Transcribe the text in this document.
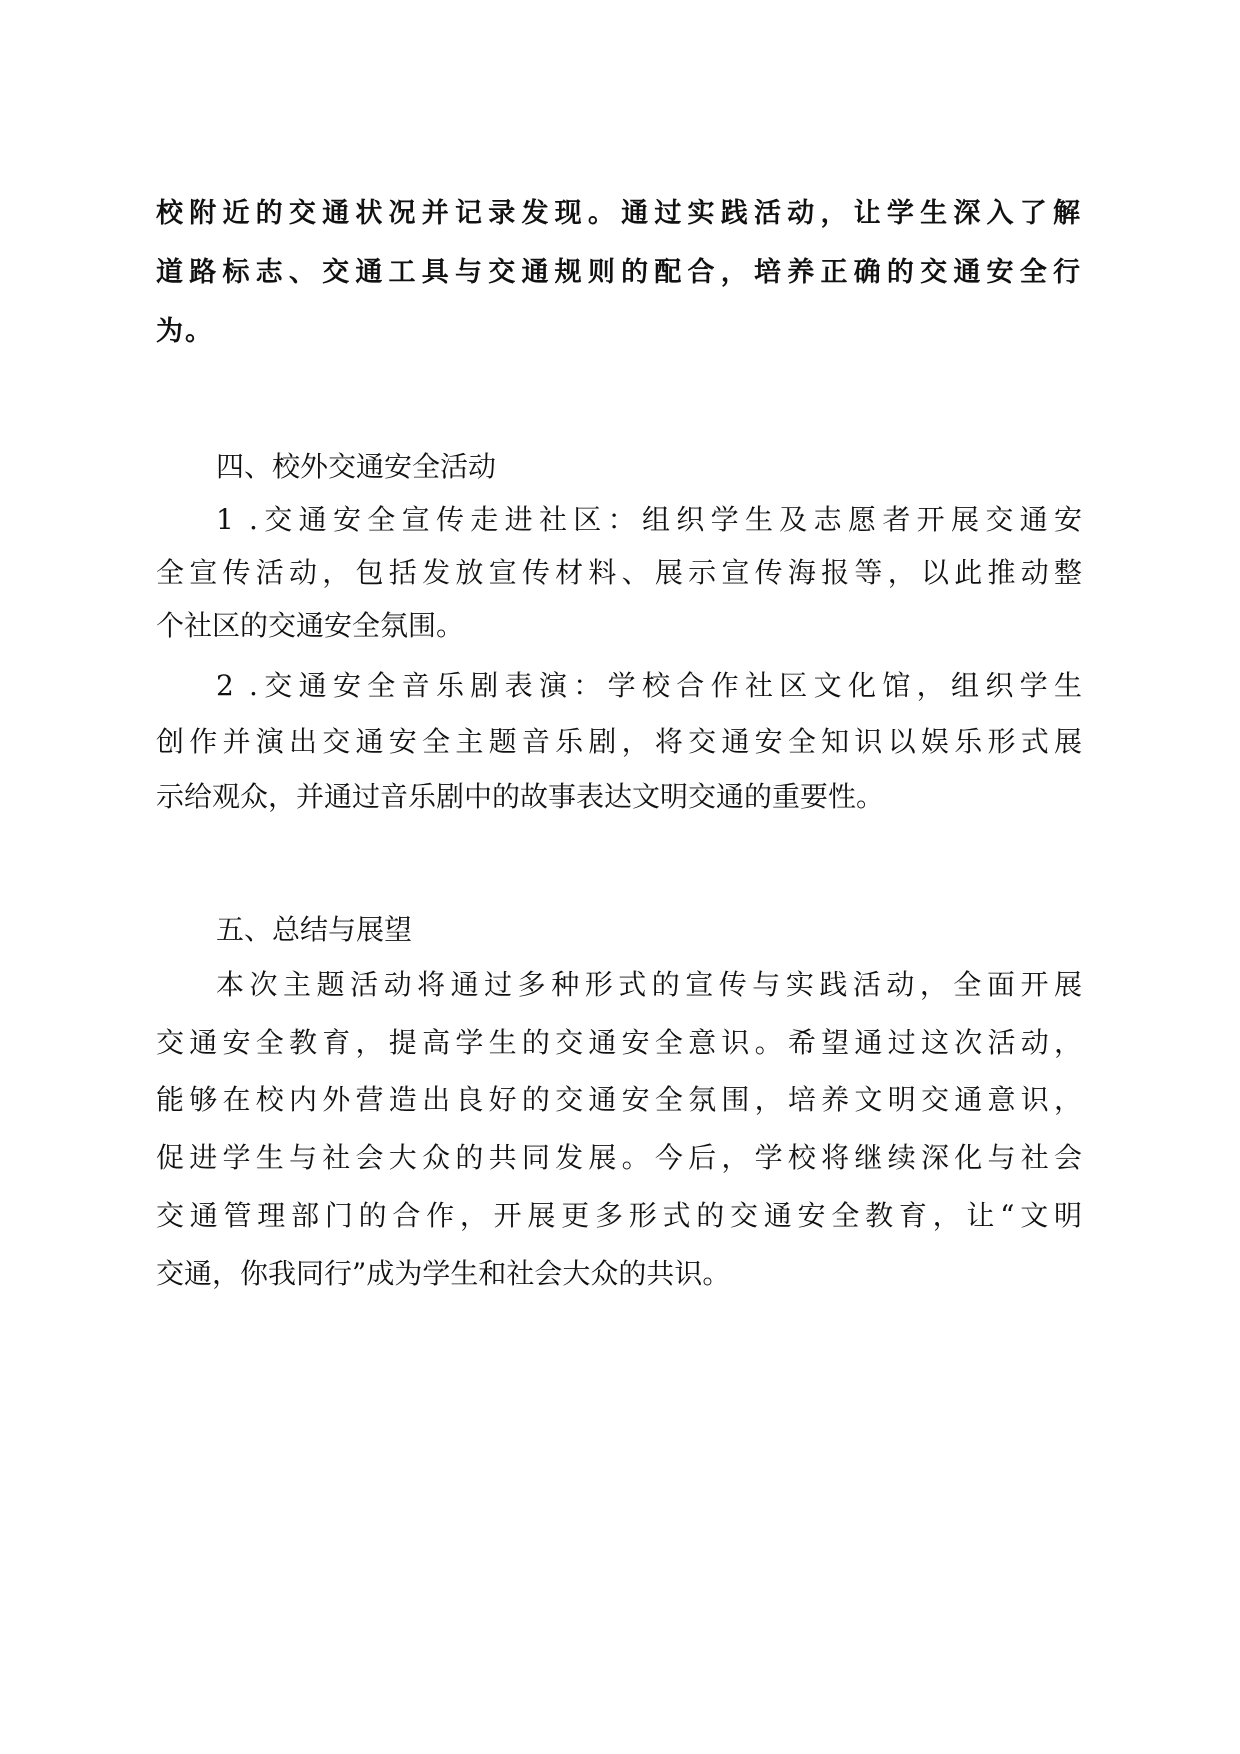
校附近的交通状况并记录发现。通过实践活动，让学生深入了解

道路标志、交通工具与交通规则的配合，培养正确的交通安全行

为。

四、校外交通安全活动

1 .交通安全宣传走进社区：组织学生及志愿者开展交通安

全宣传活动，包括发放宣传材料、展示宣传海报等，以此推动整

个社区的交通安全氛围。

2 .交通安全音乐剧表演：学校合作社区文化馆，组织学生

创作并演出交通安全主题音乐剧，将交通安全知识以娱乐形式展

示给观众，并通过音乐剧中的故事表达文明交通的重要性。

五、总结与展望

本次主题活动将通过多种形式的宣传与实践活动，全面开展

交通安全教育，提高学生的交通安全意识。希望通过这次活动，

能够在校内外营造出良好的交通安全氛围，培养文明交通意识，

促进学生与社会大众的共同发展。今后，学校将继续深化与社会

交通管理部门的合作，开展更多形式的交通安全教育，让“文明

交通，你我同行”成为学生和社会大众的共识。
